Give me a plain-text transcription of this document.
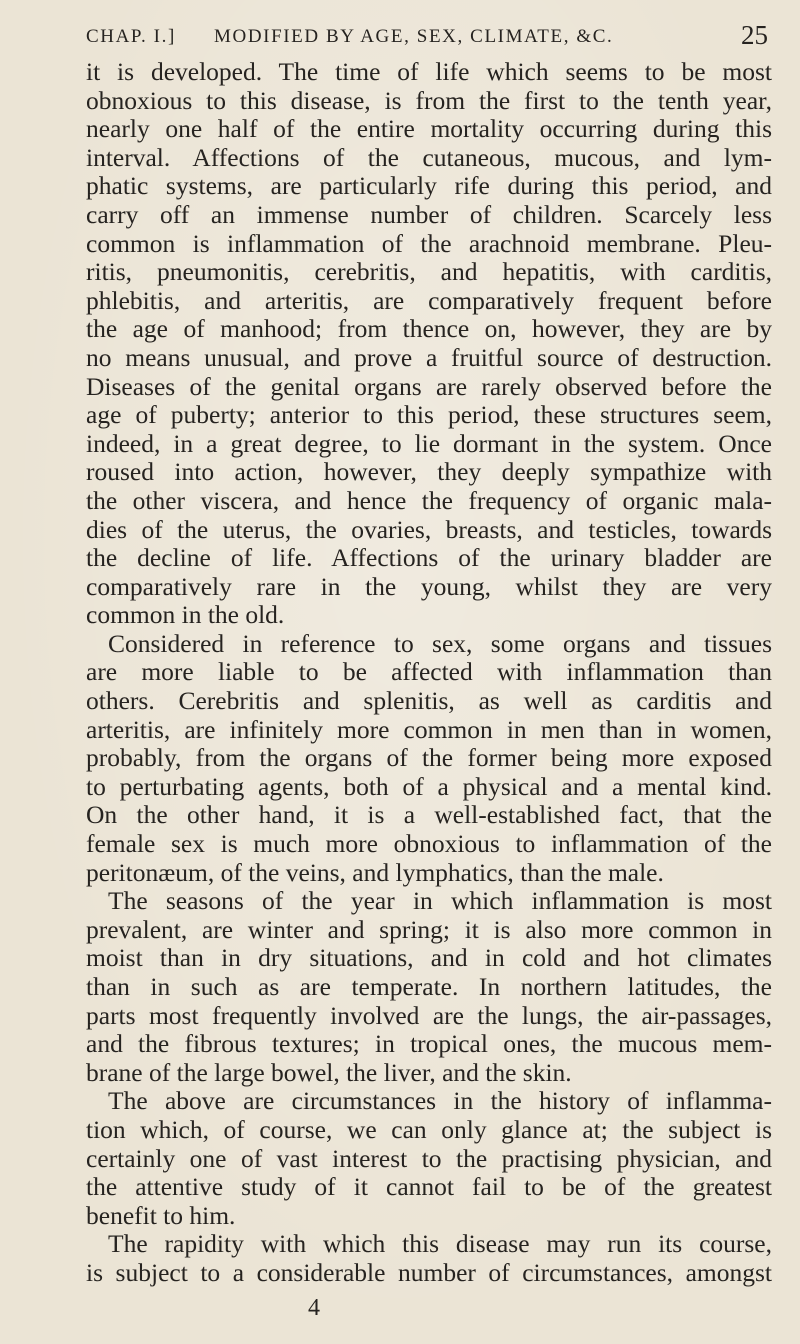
CHAP. I.] MODIFIED BY AGE, SEX, CLIMATE, &C.	25
it is developed. The time of life which seems to be most
obnoxious to this disease, is from the first to the tenth year,
nearly one half of the entire mortality occurring during this
interval. Affections of the cutaneous, mucous, and lym-
phatic systems, are particularly rife during this period, and
carry off an immense number of children. Scarcely less
common is inflammation of the arachnoid membrane. Pleu-
ritis, pneumonitis, cerebritis, and hepatitis, with carditis,
phlebitis, and arteritis, are comparatively frequent before
the age of manhood; from thence on, however, they are by
no means unusual, and prove a fruitful source of destruction.
Diseases of the genital organs are rarely observed before the
age of puberty; anterior to this period, these structures seem,
indeed, in a great degree, to lie dormant in the system. Once
roused into action, however, they deeply sympathize with
the other viscera, and hence the frequency of organic mala-
dies of the uterus, the ovaries, breasts, and testicles, towards
the decline of life. Affections of the urinary bladder are
comparatively rare in the young, whilst they are very
common in the old.
Considered in reference to sex, some organs and tissues
are more liable to be affected with inflammation than
others. Cerebritis and splenitis, as well as carditis and
arteritis, are infinitely more common in men than in women,
probably, from the organs of the former being more exposed
to perturbating agents, both of a physical and a mental kind.
On the other hand, it is a well-established fact, that the
female sex is much more obnoxious to inflammation of the
peritonæum, of the veins, and lymphatics, than the male.
The seasons of the year in which inflammation is most
prevalent, are winter and spring; it is also more common in
moist than in dry situations, and in cold and hot climates
than in such as are temperate. In northern latitudes, the
parts most frequently involved are the lungs, the air-passages,
and the fibrous textures; in tropical ones, the mucous mem-
brane of the large bowel, the liver, and the skin.
The above are circumstances in the history of inflamma-
tion which, of course, we can only glance at; the subject is
certainly one of vast interest to the practising physician, and
the attentive study of it cannot fail to be of the greatest
benefit to him.
The rapidity with which this disease may run its course,
is subject to a considerable number of circumstances, amongst
4
